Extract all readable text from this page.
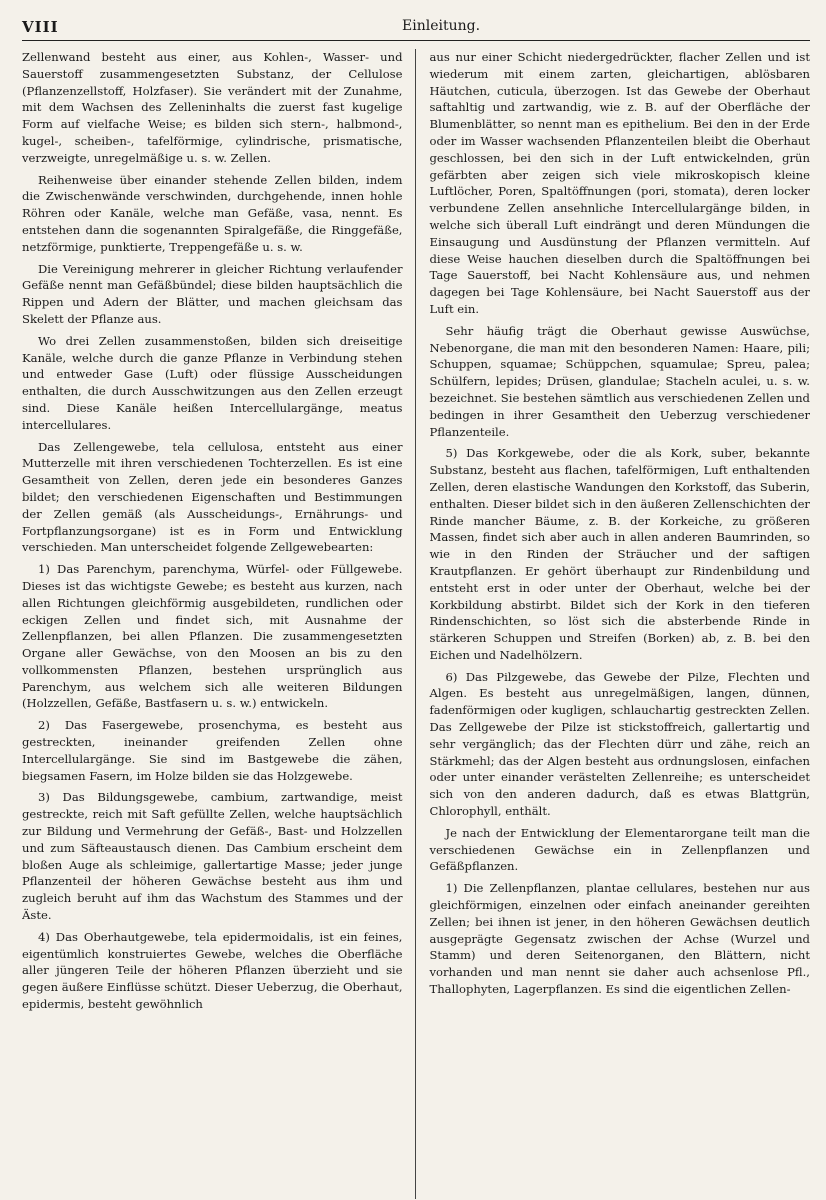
VIII	Einleitung.

Zellenwand besteht aus einer, aus Kohlen-, Wasser- und Sauerstoff zusammengesetzten Substanz, der Cellulose (Pflanzenzellstoff, Holzfaser). Sie verändert mit der Zunahme, mit dem Wachsen des Zelleninhalts die zuerst fast kugelige Form auf vielfache Weise; es bilden sich stern-, halbmond-, kugel-, scheiben-, tafelförmige, cylindrische, prismatische, verzweigte, unregelmäßige u. s. w. Zellen.

Reihenweise über einander stehende Zellen bilden, indem die Zwischenwände verschwinden, durchgehende, innen hohle Röhren oder Kanäle, welche man Gefäße, vasa, nennt. Es entstehen dann die sogenannten Spiralgefäße, die Ringgefäße, netzförmige, punktierte, Treppengefäße u. s. w.

Die Vereinigung mehrerer in gleicher Richtung verlaufender Gefäße nennt man Gefäßbündel; diese bilden hauptsächlich die Rippen und Adern der Blätter, und machen gleichsam das Skelett der Pflanze aus.

Wo drei Zellen zusammenstoßen, bilden sich dreiseitige Kanäle, welche durch die ganze Pflanze in Verbindung stehen und entweder Gase (Luft) oder flüssige Ausscheidungen enthalten, die durch Ausschwitzungen aus den Zellen erzeugt sind. Diese Kanäle heißen Intercellulargänge, meatus intercellulares.

Das Zellengewebe, tela cellulosa, entsteht aus einer Mutterzelle mit ihren verschiedenen Tochterzellen. Es ist eine Gesamtheit von Zellen, deren jede ein besonderes Ganzes bildet; den verschiedenen Eigenschaften und Bestimmungen der Zellen gemäß (als Ausscheidungs-, Ernährungs- und Fortpflanzungsorgane) ist es in Form und Entwicklung verschieden. Man unterscheidet folgende Zellgewebearten:

1) Das Parenchym, parenchyma, Würfel- oder Füllgewebe. Dieses ist das wichtigste Gewebe; es besteht aus kurzen, nach allen Richtungen gleichförmig ausgebildeten, rundlichen oder eckigen Zellen und findet sich, mit Ausnahme der Zellenpflanzen, bei allen Pflanzen. Die zusammengesetzten Organe aller Gewächse, von den Moosen an bis zu den vollkommensten Pflanzen, bestehen ursprünglich aus Parenchym, aus welchem sich alle weiteren Bildungen (Holzzellen, Gefäße, Bastfasern u. s. w.) entwickeln.

2) Das Fasergewebe, prosenchyma, es besteht aus gestreckten, ineinander greifenden Zellen ohne Intercellulargänge. Sie sind im Bastgewebe die zähen, biegsamen Fasern, im Holze bilden sie das Holzgewebe.

3) Das Bildungsgewebe, cambium, zartwandige, meist gestreckte, reich mit Saft gefüllte Zellen, welche hauptsächlich zur Bildung und Vermehrung der Gefäß-, Bast- und Holzzellen und zum Säfteaustausch dienen. Das Cambium erscheint dem bloßen Auge als schleimige, gallertartige Masse; jeder junge Pflanzenteil der höheren Gewächse besteht aus ihm und zugleich beruht auf ihm das Wachstum des Stammes und der Äste.

4) Das Oberhautgewebe, tela epidermoidalis, ist ein feines, eigentümlich konstruiertes Gewebe, welches die Oberfläche aller jüngeren Teile der höheren Pflanzen überzieht und sie gegen äußere Einflüsse schützt. Dieser Ueberzug, die Oberhaut, epidermis, besteht gewöhnlich

aus nur einer Schicht niedergedrückter, flacher Zellen und ist wiederum mit einem zarten, gleichartigen, ablösbaren Häutchen, cuticula, überzogen. Ist das Gewebe der Oberhaut saftahltig und zartwandig, wie z. B. auf der Oberfläche der Blumenblätter, so nennt man es epithelium. Bei den in der Erde oder im Wasser wachsenden Pflanzenteilen bleibt die Oberhaut geschlossen, bei den sich in der Luft entwickelnden, grün gefärbten aber zeigen sich viele mikroskopisch kleine Luftlöcher, Poren, Spaltöffnungen (pori, stomata), deren locker verbundene Zellen ansehnliche Intercellulargänge bilden, in welche sich überall Luft eindrängt und deren Mündungen die Einsaugung und Ausdünstung der Pflanzen vermitteln. Auf diese Weise hauchen dieselben durch die Spaltöffnungen bei Tage Sauerstoff, bei Nacht Kohlensäure aus, und nehmen dagegen bei Tage Kohlensäure, bei Nacht Sauerstoff aus der Luft ein.

Sehr häufig trägt die Oberhaut gewisse Auswüchse, Nebenorgane, die man mit den besonderen Namen: Haare, pili; Schuppen, squamae; Schüppchen, squamulae; Spreu, palea; Schülfern, lepides; Drüsen, glandulae; Stacheln aculei, u. s. w. bezeichnet. Sie bestehen sämtlich aus verschiedenen Zellen und bedingen in ihrer Gesamtheit den Ueberzug verschiedener Pflanzenteile.

5) Das Korkgewebe, oder die als Kork, suber, bekannte Substanz, besteht aus flachen, tafelförmigen, Luft enthaltenden Zellen, deren elastische Wandungen den Korkstoff, das Suberin, enthalten. Dieser bildet sich in den äußeren Zellenschichten der Rinde mancher Bäume, z. B. der Korkeiche, zu größeren Massen, findet sich aber auch in allen anderen Baumrinden, so wie in den Rinden der Sträucher und der saftigen Krautpflanzen. Er gehört überhaupt zur Rindenbildung und entsteht erst in oder unter der Oberhaut, welche bei der Korkbildung abstirbt. Bildet sich der Kork in den tieferen Rindenschichten, so löst sich die absterbende Rinde in stärkeren Schuppen und Streifen (Borken) ab, z. B. bei den Eichen und Nadelhölzern.

6) Das Pilzgewebe, das Gewebe der Pilze, Flechten und Algen. Es besteht aus unregelmäßigen, langen, dünnen, fadenförmigen oder kugligen, schlauchartig gestreckten Zellen. Das Zellgewebe der Pilze ist stickstoffreich, gallertartig und sehr vergänglich; das der Flechten dürr und zähe, reich an Stärkmehl; das der Algen besteht aus ordnungslosen, einfachen oder unter einander verästelten Zellenreihe; es unterscheidet sich von den anderen dadurch, daß es etwas Blattgrün, Chlorophyll, enthält.

Je nach der Entwicklung der Elementarorgane teilt man die verschiedenen Gewächse ein in Zellenpflanzen und Gefäßpflanzen.

1) Die Zellenpflanzen, plantae cellulares, bestehen nur aus gleichförmigen, einzelnen oder einfach aneinander gereihten Zellen; bei ihnen ist jener, in den höheren Gewächsen deutlich ausgeprägte Gegensatz zwischen der Achse (Wurzel und Stamm) und deren Seitenorganen, den Blättern, nicht vorhanden und man nennt sie daher auch achsenlose Pfl., Thallophyten, Lagerpflanzen. Es sind die eigentlichen Zellen-
